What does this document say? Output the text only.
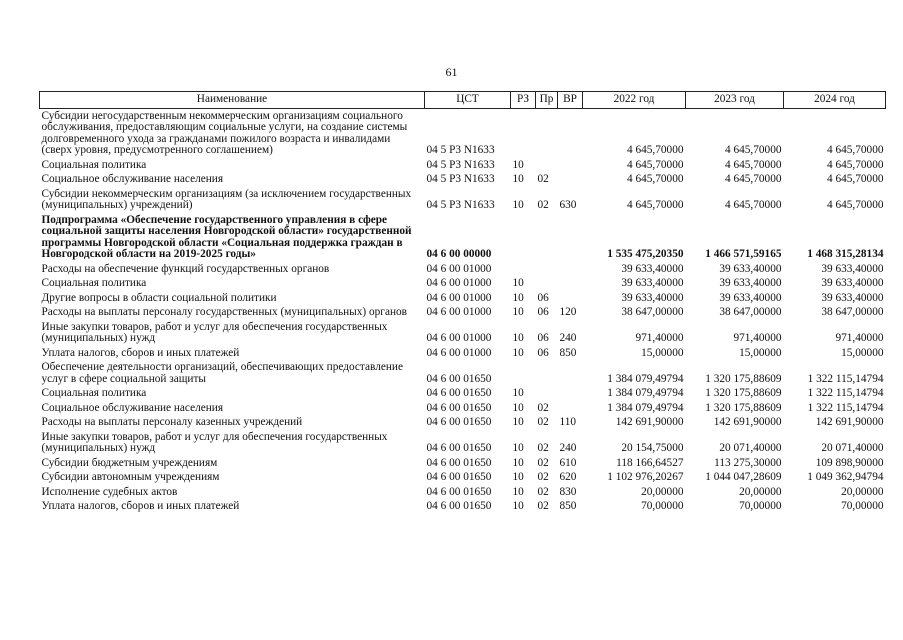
61
Наименование	ЦСТ	РЗ	Пр	ВР	2022 год	2023 год	2024 год
Субсидии негосударственным некоммерческим организациям социального обслуживания, предоставляющим социальные услуги, на создание системы долговременного ухода за гражданами пожилого возраста и инвалидами (сверх уровня, предусмотренного соглашением)	04 5 P3 N1633				4 645,70000	4 645,70000	4 645,70000
Социальная политика	04 5 P3 N1633	10			4 645,70000	4 645,70000	4 645,70000
Социальное обслуживание населения	04 5 P3 N1633	10	02		4 645,70000	4 645,70000	4 645,70000
Субсидии некоммерческим организациям (за исключением государственных (муниципальных) учреждений)	04 5 P3 N1633	10	02	630	4 645,70000	4 645,70000	4 645,70000
Подпрограмма «Обеспечение государственного управления в сфере социальной защиты населения Новгородской области» государственной программы Новгородской области «Социальная поддержка граждан в Новгородской области на 2019-2025 годы»	04 6 00 00000				1 535 475,20350	1 466 571,59165	1 468 315,28134
Расходы на обеспечение функций государственных органов	04 6 00 01000				39 633,40000	39 633,40000	39 633,40000
Социальная политика	04 6 00 01000	10			39 633,40000	39 633,40000	39 633,40000
Другие вопросы в области социальной политики	04 6 00 01000	10	06		39 633,40000	39 633,40000	39 633,40000
Расходы на выплаты персоналу государственных (муниципальных) органов	04 6 00 01000	10	06	120	38 647,00000	38 647,00000	38 647,00000
Иные закупки товаров, работ и услуг для обеспечения государственных (муниципальных) нужд	04 6 00 01000	10	06	240	971,40000	971,40000	971,40000
Уплата налогов, сборов и иных платежей	04 6 00 01000	10	06	850	15,00000	15,00000	15,00000
Обеспечение деятельности организаций, обеспечивающих предоставление услуг в сфере социальной защиты	04 6 00 01650				1 384 079,49794	1 320 175,88609	1 322 115,14794
Социальная политика	04 6 00 01650	10			1 384 079,49794	1 320 175,88609	1 322 115,14794
Социальное обслуживание населения	04 6 00 01650	10	02		1 384 079,49794	1 320 175,88609	1 322 115,14794
Расходы на выплаты персоналу казенных учреждений	04 6 00 01650	10	02	110	142 691,90000	142 691,90000	142 691,90000
Иные закупки товаров, работ и услуг для обеспечения государственных (муниципальных) нужд	04 6 00 01650	10	02	240	20 154,75000	20 071,40000	20 071,40000
Субсидии бюджетным учреждениям	04 6 00 01650	10	02	610	118 166,64527	113 275,30000	109 898,90000
Субсидии автономным учреждениям	04 6 00 01650	10	02	620	1 102 976,20267	1 044 047,28609	1 049 362,94794
Исполнение судебных актов	04 6 00 01650	10	02	830	20,00000	20,00000	20,00000
Уплата налогов, сборов и иных платежей	04 6 00 01650	10	02	850	70,00000	70,00000	70,00000
